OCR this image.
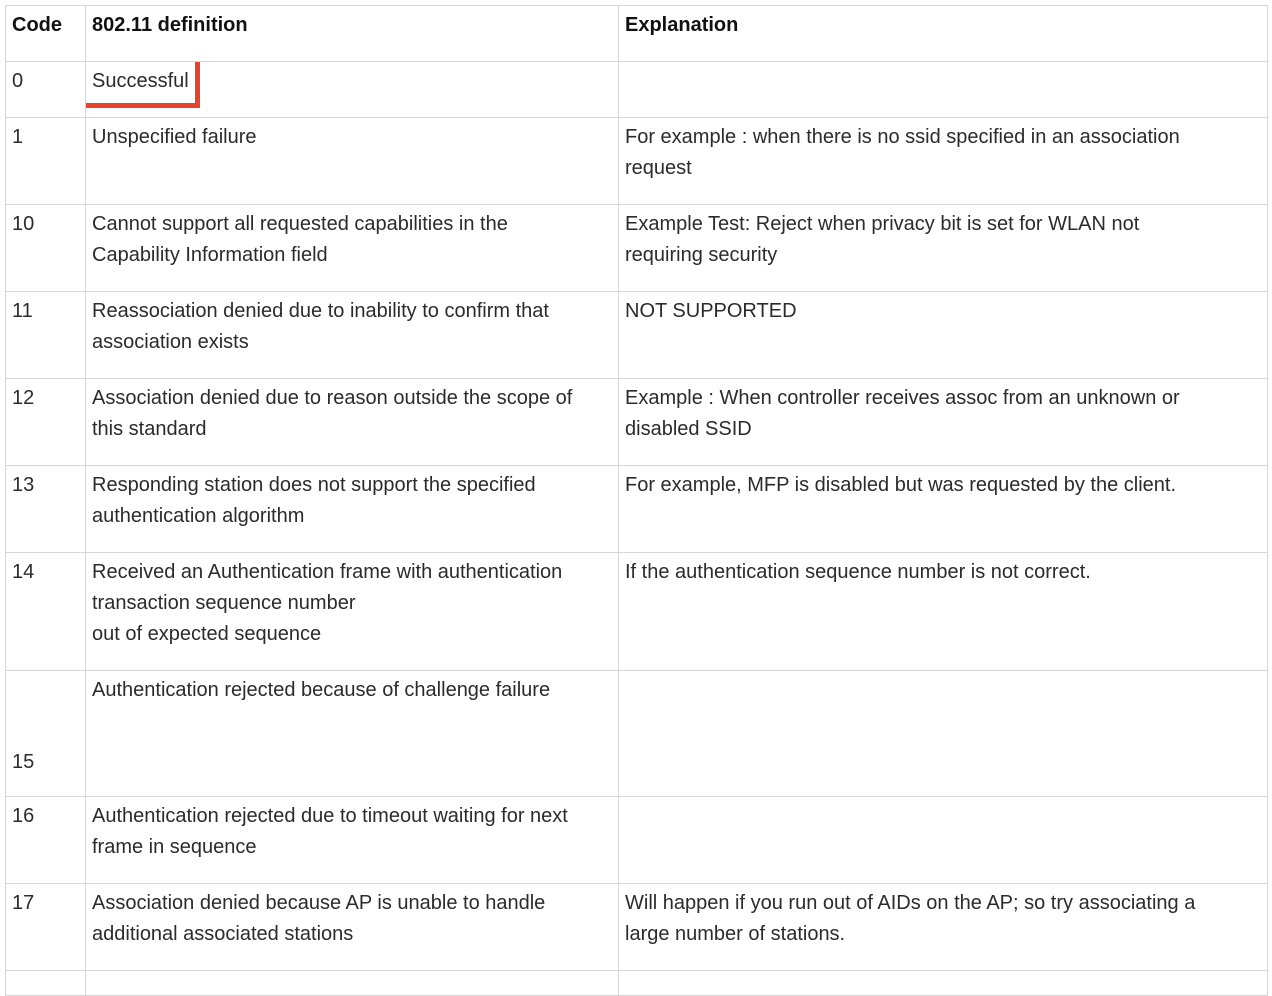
Code	802.11 definition	Explanation
0	Successful	
1	Unspecified failure	For example : when there is no ssid specified in an association
request

10	Cannot support all requested capabilities in the
Capability Information field	Example Test: Reject when privacy bit is set for WLAN not
requiring security

11	Reassociation denied due to inability to confirm that
association exists	NOT SUPPORTED

12	Association denied due to reason outside the scope of
this standard	Example : When controller receives assoc from an unknown or
disabled SSID

13	Responding station does not support the specified
authentication algorithm	For example, MFP is disabled but was requested by the client.

14	Received an Authentication frame with authentication
transaction sequence number
out of expected sequence	If the authentication sequence number is not correct.

15	Authentication rejected because of challenge failure	

16	Authentication rejected due to timeout waiting for next
frame in sequence	

17	Association denied because AP is unable to handle
additional associated stations	Will happen if you run out of AIDs on the AP; so try associating a
large number of stations.
